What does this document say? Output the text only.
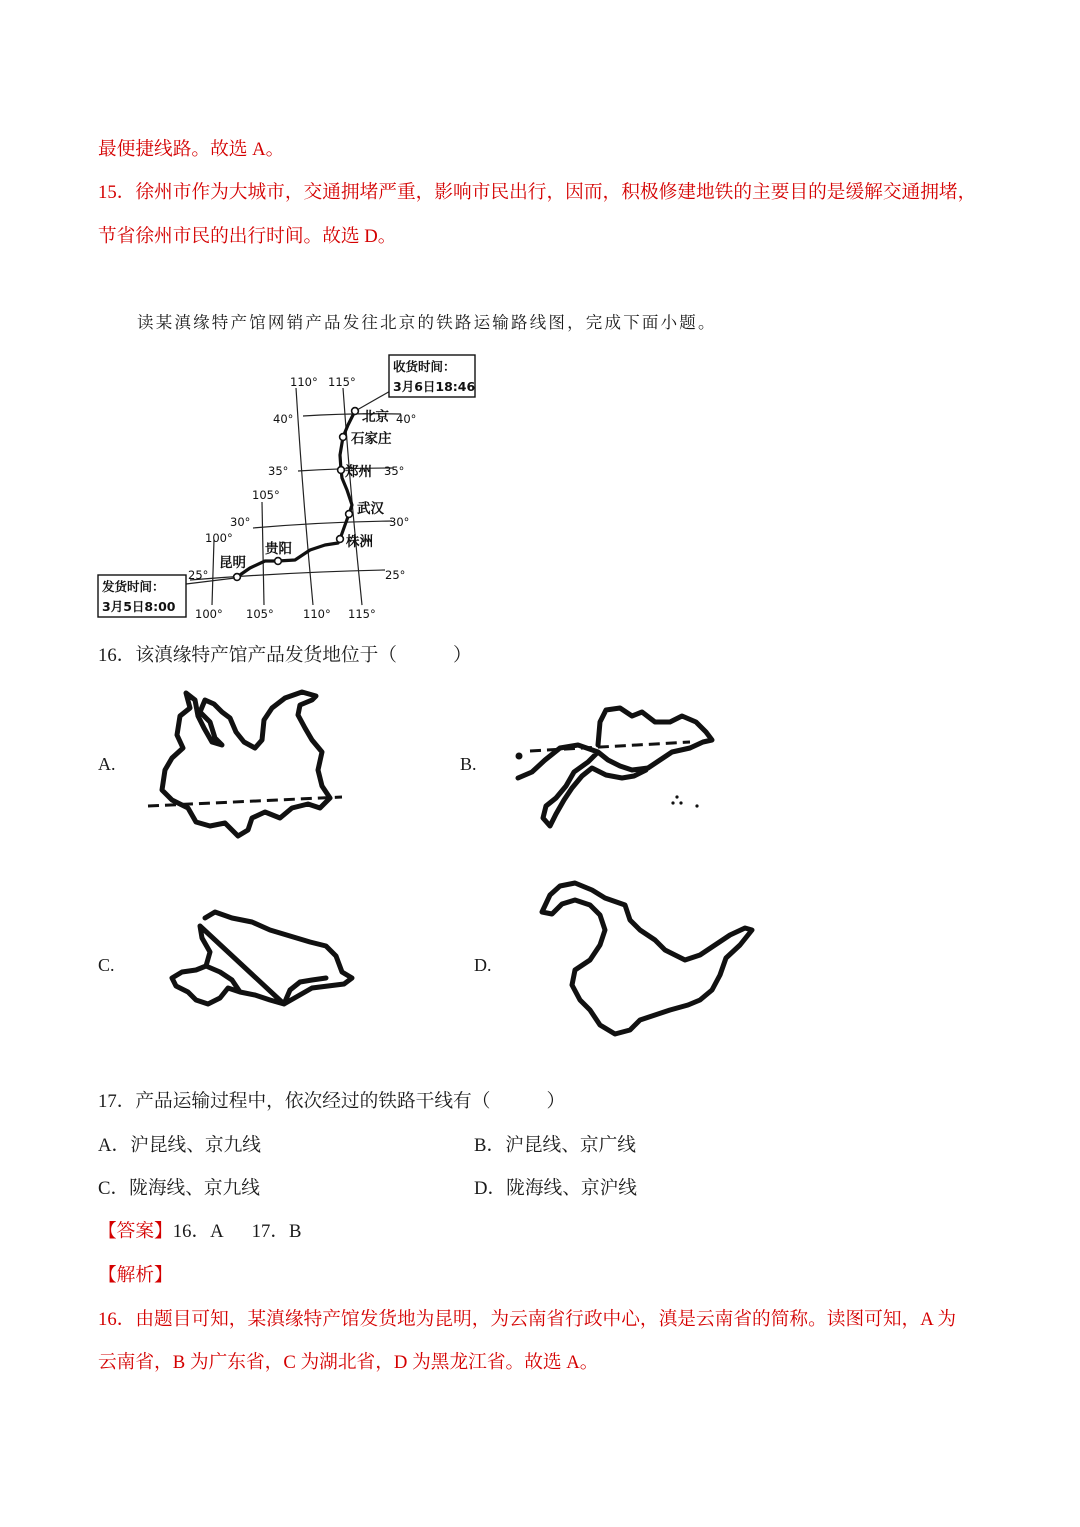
最便捷线路。故选 A。
15．徐州市作为大城市，交通拥堵严重，影响市民出行，因而，积极修建地铁的主要目的是缓解交通拥堵，
节省徐州市民的出行时间。故选 D。
读某滇缘特产馆网销产品发往北京的铁路运输路线图，完成下面小题。
收货时间：
3月6日18:46
发货时间：
3月5日8:00
110° 115°
105°
100°
40°
35°
30°
25°
40°
35°
30°
25°
100° 105°	110° 115°
北京
石家庄
郑州
武汉
株洲
贵阳
昆明
16．该滇缘特产馆产品发货地位于（　　　）
A.	B.
C.	D.
17．产品运输过程中，依次经过的铁路干线有（　　　）
A．沪昆线、京九线	B．沪昆线、京广线
C．陇海线、京九线	D．陇海线、京沪线
【答案】16．A 17．B
【解析】
16．由题目可知，某滇缘特产馆发货地为昆明，为云南省行政中心，滇是云南省的简称。读图可知，A 为
云南省，B 为广东省，C 为湖北省，D 为黑龙江省。故选 A。
